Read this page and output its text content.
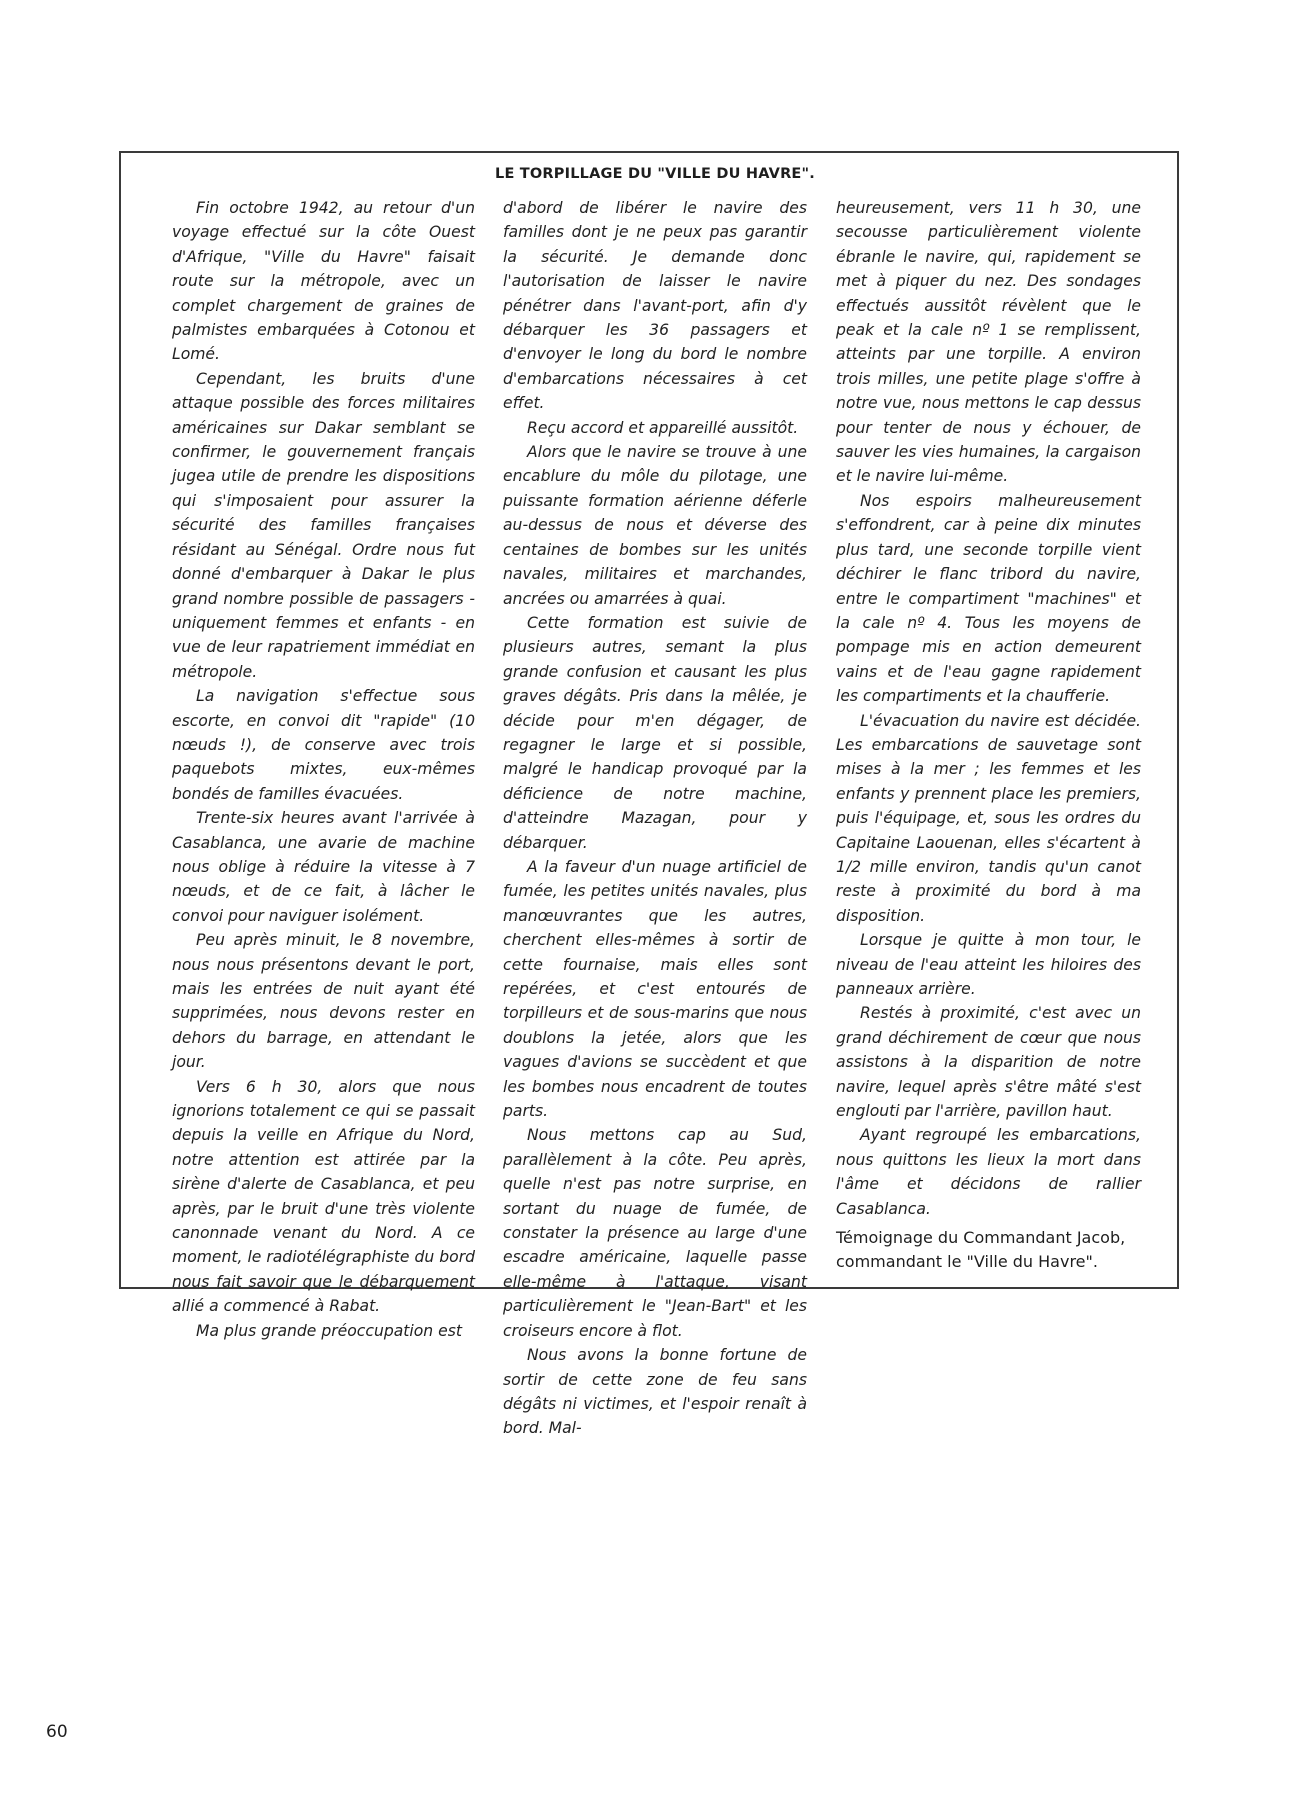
LE TORPILLAGE DU "VILLE DU HAVRE".

Fin octobre 1942, au retour d'un voyage effectué sur la côte Ouest d'Afrique, "Ville du Havre" faisait route sur la métropole, avec un complet chargement de graines de palmistes embarquées à Cotonou et Lomé.

Cependant, les bruits d'une attaque possible des forces militaires américaines sur Dakar semblant se confirmer, le gouvernement français jugea utile de prendre les dispositions qui s'imposaient pour assurer la sécurité des familles françaises résidant au Sénégal. Ordre nous fut donné d'embarquer à Dakar le plus grand nombre possible de passagers - uniquement femmes et enfants - en vue de leur rapatriement immédiat en métropole.

La navigation s'effectue sous escorte, en convoi dit "rapide" (10 nœuds !), de conserve avec trois paquebots mixtes, eux-mêmes bondés de familles évacuées.

Trente-six heures avant l'arrivée à Casablanca, une avarie de machine nous oblige à réduire la vitesse à 7 nœuds, et de ce fait, à lâcher le convoi pour naviguer isolément.

Peu après minuit, le 8 novembre, nous nous présentons devant le port, mais les entrées de nuit ayant été supprimées, nous devons rester en dehors du barrage, en attendant le jour.

Vers 6 h 30, alors que nous ignorions totalement ce qui se passait depuis la veille en Afrique du Nord, notre attention est attirée par la sirène d'alerte de Casablanca, et peu après, par le bruit d'une très violente canonnade venant du Nord. A ce moment, le radiotélégraphiste du bord nous fait savoir que le débarquement allié a commencé à Rabat.

Ma plus grande préoccupation est

d'abord de libérer le navire des familles dont je ne peux pas garantir la sécurité. Je demande donc l'autorisation de laisser le navire pénétrer dans l'avant-port, afin d'y débarquer les 36 passagers et d'envoyer le long du bord le nombre d'embarcations nécessaires à cet effet.

Reçu accord et appareillé aussitôt.

Alors que le navire se trouve à une encablure du môle du pilotage, une puissante formation aérienne déferle au-dessus de nous et déverse des centaines de bombes sur les unités navales, militaires et marchandes, ancrées ou amarrées à quai.

Cette formation est suivie de plusieurs autres, semant la plus grande confusion et causant les plus graves dégâts. Pris dans la mêlée, je décide pour m'en dégager, de regagner le large et si possible, malgré le handicap provoqué par la déficience de notre machine, d'atteindre Mazagan, pour y débarquer.

A la faveur d'un nuage artificiel de fumée, les petites unités navales, plus manœuvrantes que les autres, cherchent elles-mêmes à sortir de cette fournaise, mais elles sont repérées, et c'est entourés de torpilleurs et de sous-marins que nous doublons la jetée, alors que les vagues d'avions se succèdent et que les bombes nous encadrent de toutes parts.

Nous mettons cap au Sud, parallèlement à la côte. Peu après, quelle n'est pas notre surprise, en sortant du nuage de fumée, de constater la présence au large d'une escadre américaine, laquelle passe elle-même à l'attaque, visant particulièrement le "Jean-Bart" et les croiseurs encore à flot.

Nous avons la bonne fortune de sortir de cette zone de feu sans dégâts ni victimes, et l'espoir renaît à bord. Mal-

heureusement, vers 11 h 30, une secousse particulièrement violente ébranle le navire, qui, rapidement se met à piquer du nez. Des sondages effectués aussitôt révèlent que le peak et la cale nº 1 se remplissent, atteints par une torpille. A environ trois milles, une petite plage s'offre à notre vue, nous mettons le cap dessus pour tenter de nous y échouer, de sauver les vies humaines, la cargaison et le navire lui-même.

Nos espoirs malheureusement s'effondrent, car à peine dix minutes plus tard, une seconde torpille vient déchirer le flanc tribord du navire, entre le compartiment "machines" et la cale nº 4. Tous les moyens de pompage mis en action demeurent vains et de l'eau gagne rapidement les compartiments et la chaufferie.

L'évacuation du navire est décidée. Les embarcations de sauvetage sont mises à la mer ; les femmes et les enfants y prennent place les premiers, puis l'équipage, et, sous les ordres du Capitaine Laouenan, elles s'écartent à 1/2 mille environ, tandis qu'un canot reste à proximité du bord à ma disposition.

Lorsque je quitte à mon tour, le niveau de l'eau atteint les hiloires des panneaux arrière.

Restés à proximité, c'est avec un grand déchirement de cœur que nous assistons à la disparition de notre navire, lequel après s'être mâté s'est englouti par l'arrière, pavillon haut.

Ayant regroupé les embarcations, nous quittons les lieux la mort dans l'âme et décidons de rallier Casablanca.

Témoignage du Commandant Jacob,

commandant le "Ville du Havre".

60
